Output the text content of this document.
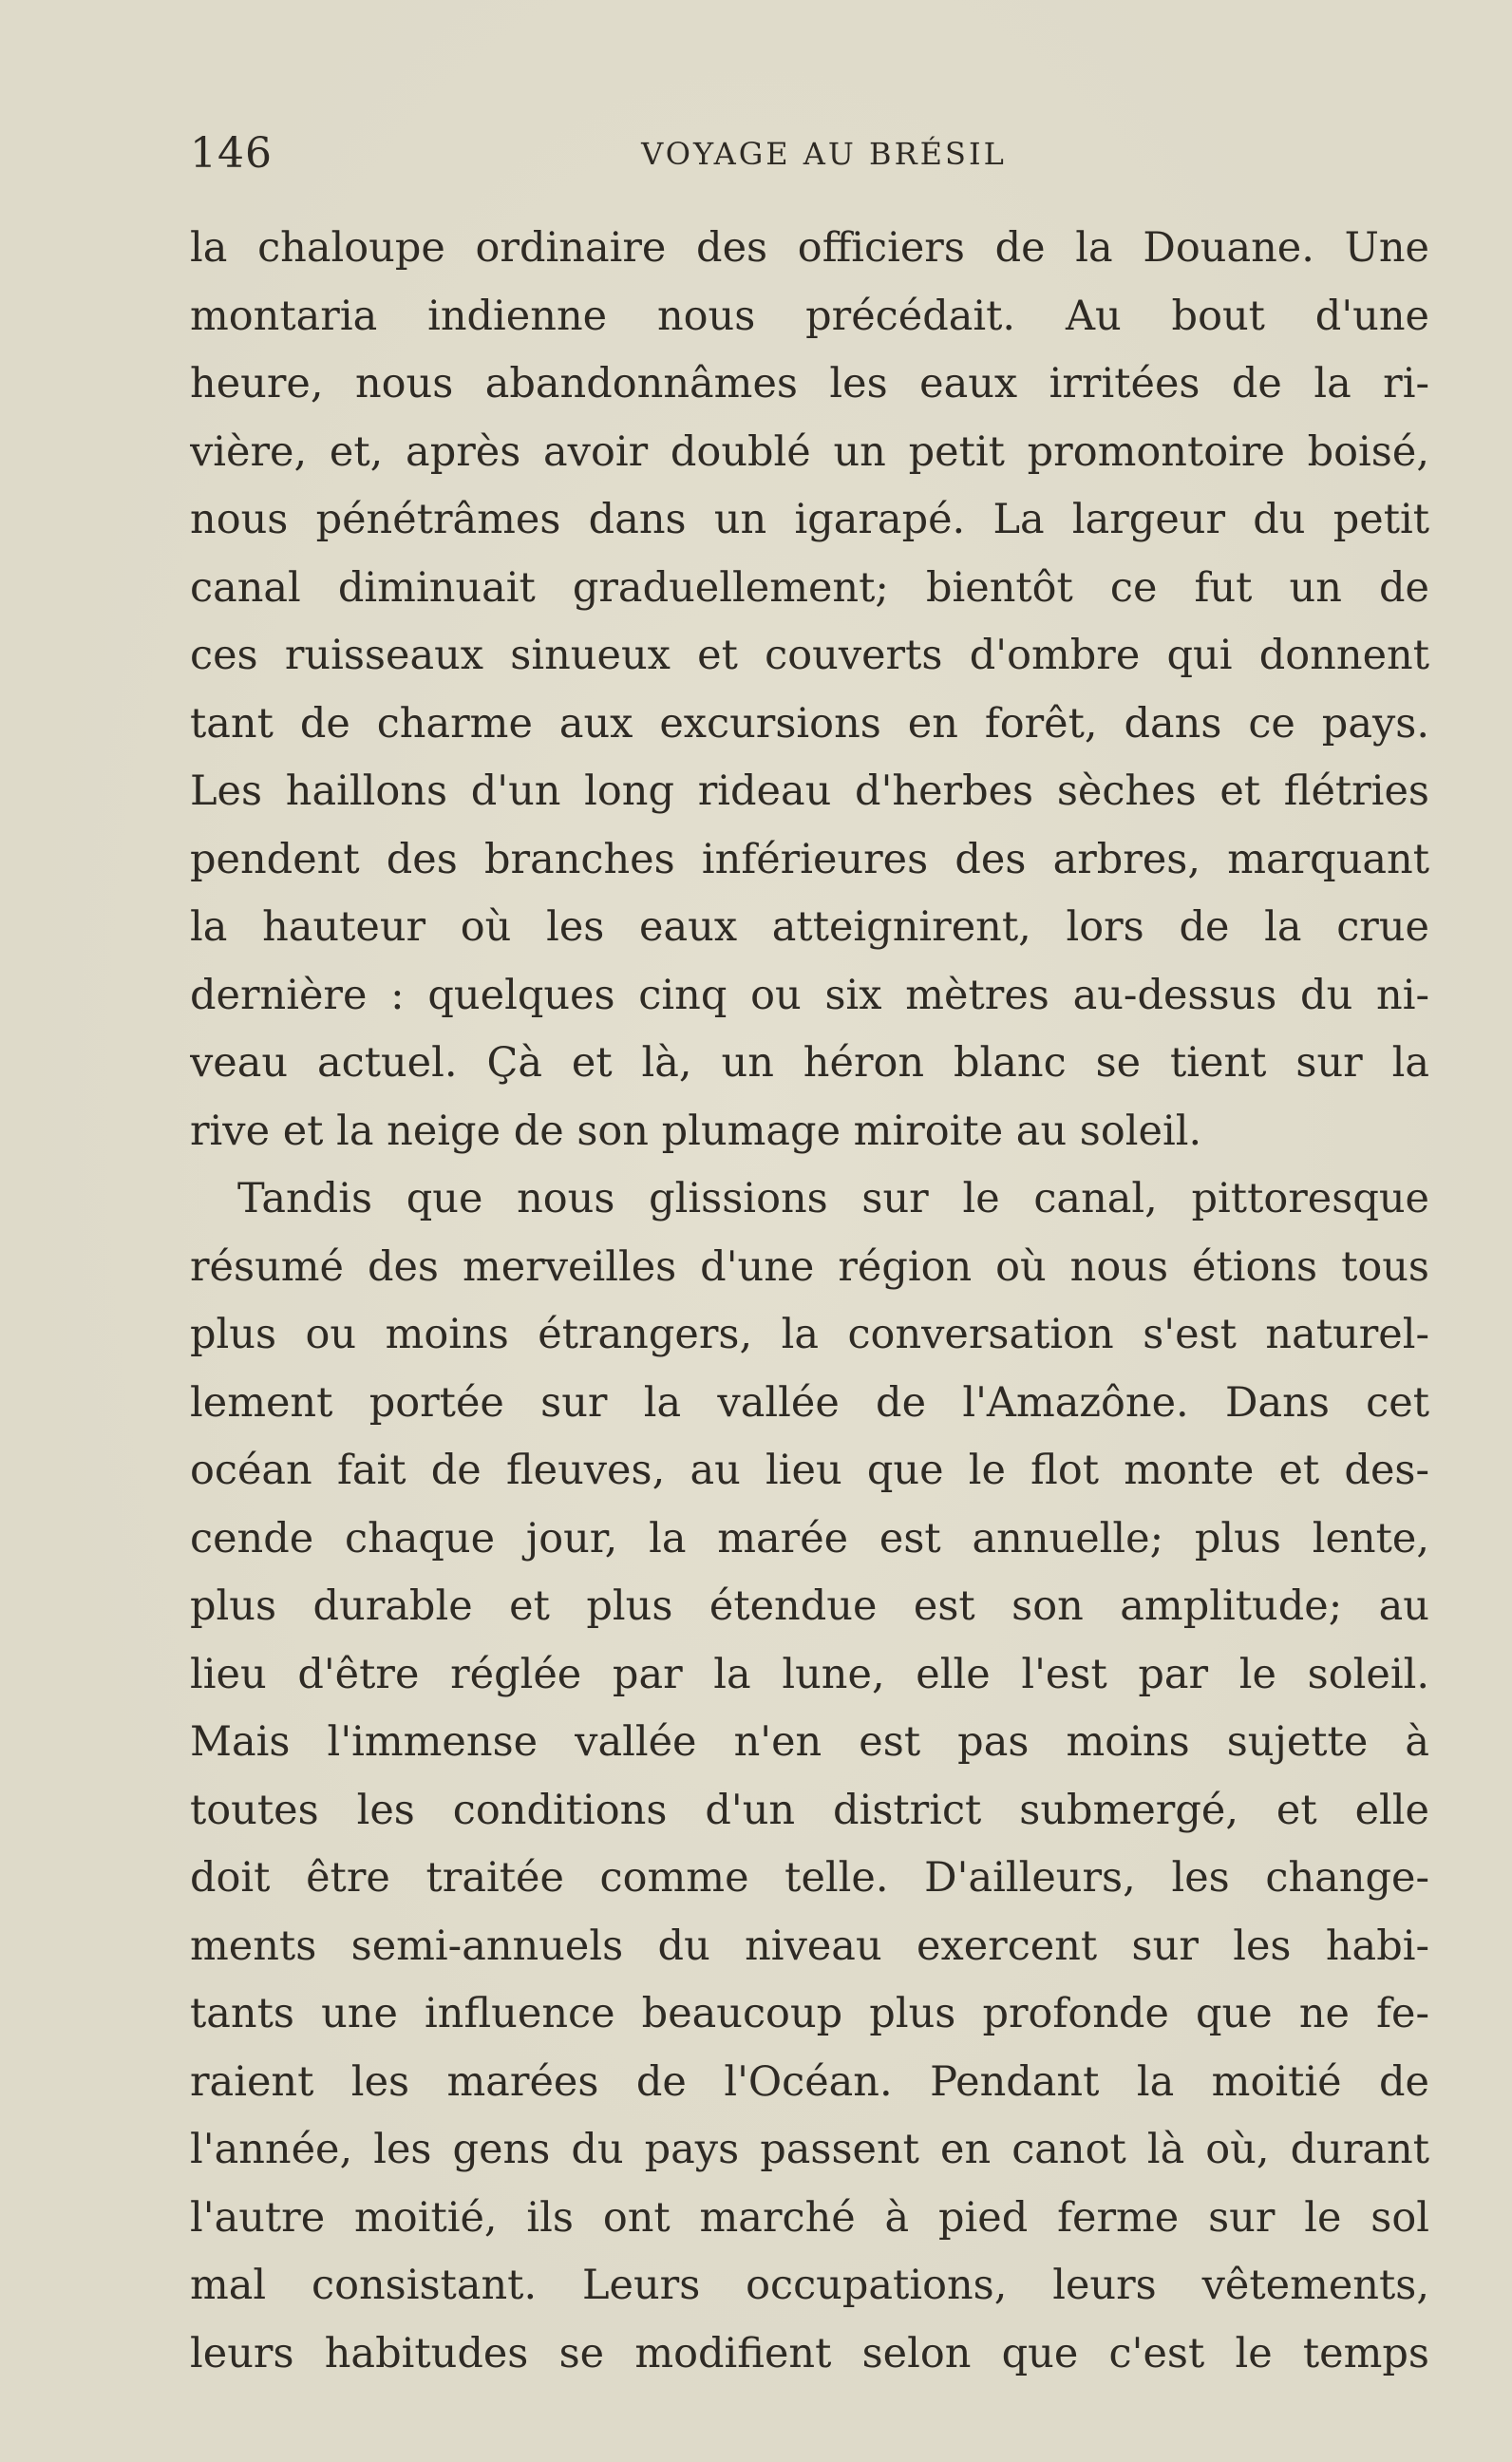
146	VOYAGE AU BRÉSIL
la chaloupe ordinaire des officiers de la Douane. Une
montaria indienne nous précédait. Au bout d'une
heure, nous abandonnâmes les eaux irritées de la ri-
vière, et, après avoir doublé un petit promontoire boisé,
nous pénétrâmes dans un igarapé. La largeur du petit
canal diminuait graduellement; bientôt ce fut un de
ces ruisseaux sinueux et couverts d'ombre qui donnent
tant de charme aux excursions en forêt, dans ce pays.
Les haillons d'un long rideau d'herbes sèches et flétries
pendent des branches inférieures des arbres, marquant
la hauteur où les eaux atteignirent, lors de la crue
dernière : quelques cinq ou six mètres au-dessus du ni-
veau actuel. Çà et là, un héron blanc se tient sur la
rive et la neige de son plumage miroite au soleil.
Tandis que nous glissions sur le canal, pittoresque
résumé des merveilles d'une région où nous étions tous
plus ou moins étrangers, la conversation s'est naturel-
lement portée sur la vallée de l'Amazône. Dans cet
océan fait de fleuves, au lieu que le flot monte et des-
cende chaque jour, la marée est annuelle; plus lente,
plus durable et plus étendue est son amplitude; au
lieu d'être réglée par la lune, elle l'est par le soleil.
Mais l'immense vallée n'en est pas moins sujette à
toutes les conditions d'un district submergé, et elle
doit être traitée comme telle. D'ailleurs, les change-
ments semi-annuels du niveau exercent sur les habi-
tants une influence beaucoup plus profonde que ne fe-
raient les marées de l'Océan. Pendant la moitié de
l'année, les gens du pays passent en canot là où, durant
l'autre moitié, ils ont marché à pied ferme sur le sol
mal consistant. Leurs occupations, leurs vêtements,
leurs habitudes se modifient selon que c'est le temps
